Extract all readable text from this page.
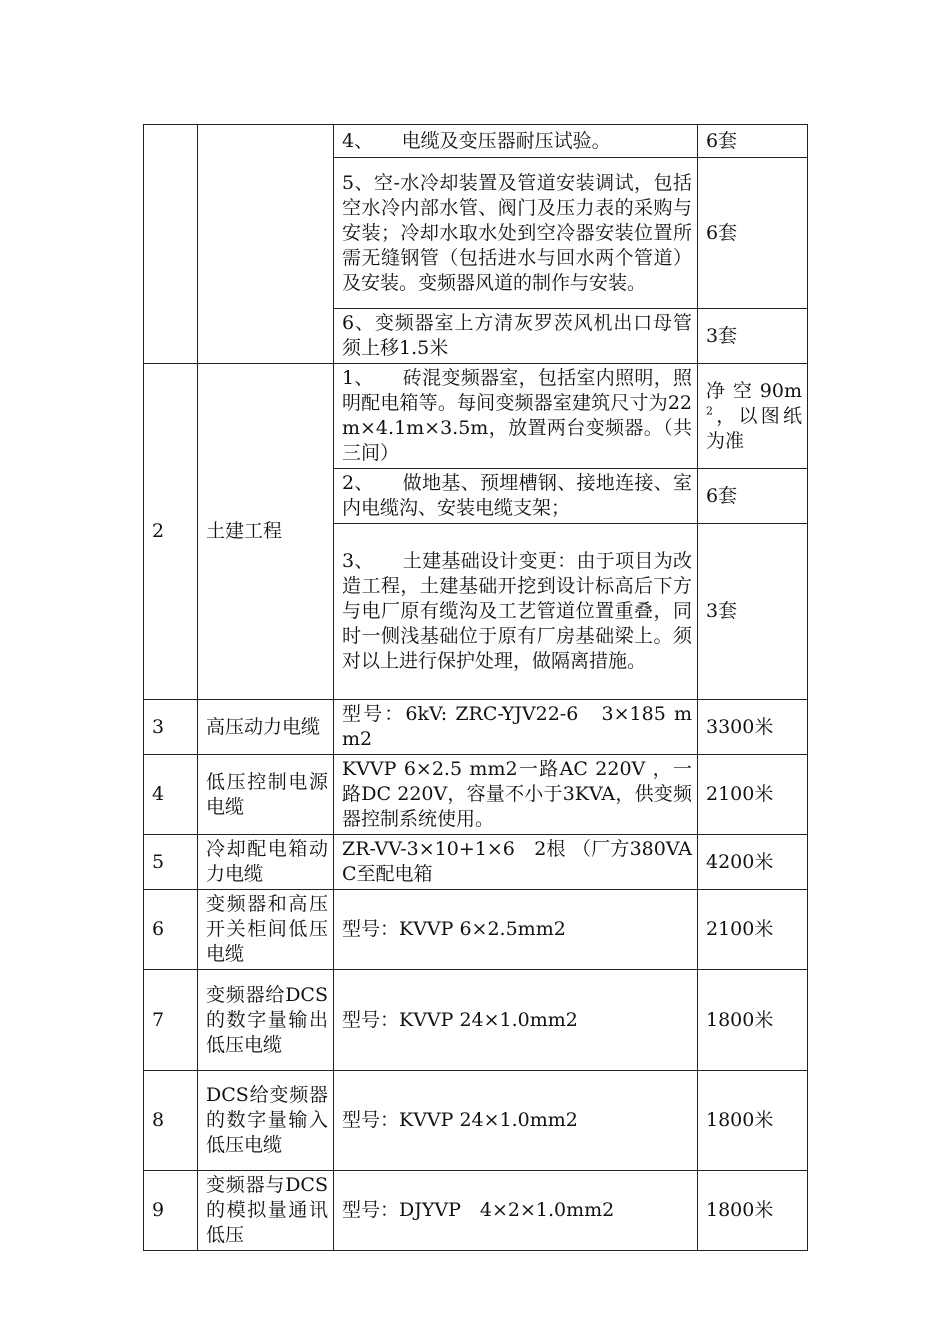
		4、　　电缆及变压器耐压试验。	6套
		5、空-水冷却装置及管道安装调试，包括空水冷内部水管、阀门及压力表的采购与安装；冷却水取水处到空冷器安装位置所需无缝钢管（包括进水与回水两个管道）及安装。变频器风道的制作与安装。	6套
		6、变频器室上方清灰罗茨风机出口母管须上移1.5米	3套
2	土建工程	1、　　砖混变频器室，包括室内照明，照明配电箱等。每间变频器室建筑尺寸为22m×4.1m×3.5m，放置两台变频器。（共三间）	净空$90m^2$，以图纸为准
		2、　　做地基、预埋槽钢、接地连接、室内电缆沟、安装电缆支架；	6套
		3、　　土建基础设计变更：由于项目为改造工程，土建基础开挖到设计标高后下方与电厂原有缆沟及工艺管道位置重叠，同时一侧浅基础位于原有厂房基础梁上。须对以上进行保护处理，做隔离措施。	3套
3	高压动力电缆	型号：6kV: ZRC-YJV22-6　3×185 mm2	3300米
4	低压控制电源电缆	KVVP 6×2.5 mm2一路AC 220V ，一路DC 220V，容量不小于3KVA，供变频器控制系统使用。	2100米
5	冷却配电箱动力电缆	ZR-VV-3×10+1×6　2根 （厂方380VAC至配电箱	4200米
6	变频器和高压开关柜间低压电缆	型号：KVVP 6×2.5mm2	2100米
7	变频器给DCS的数字量输出低压电缆	型号：KVVP 24×1.0mm2	1800米
8	DCS给变频器的数字量输入低压电缆	型号：KVVP 24×1.0mm2	1800米
9	变频器与DCS的模拟量通讯低压	型号：DJYVP　4×2×1.0mm2	1800米
